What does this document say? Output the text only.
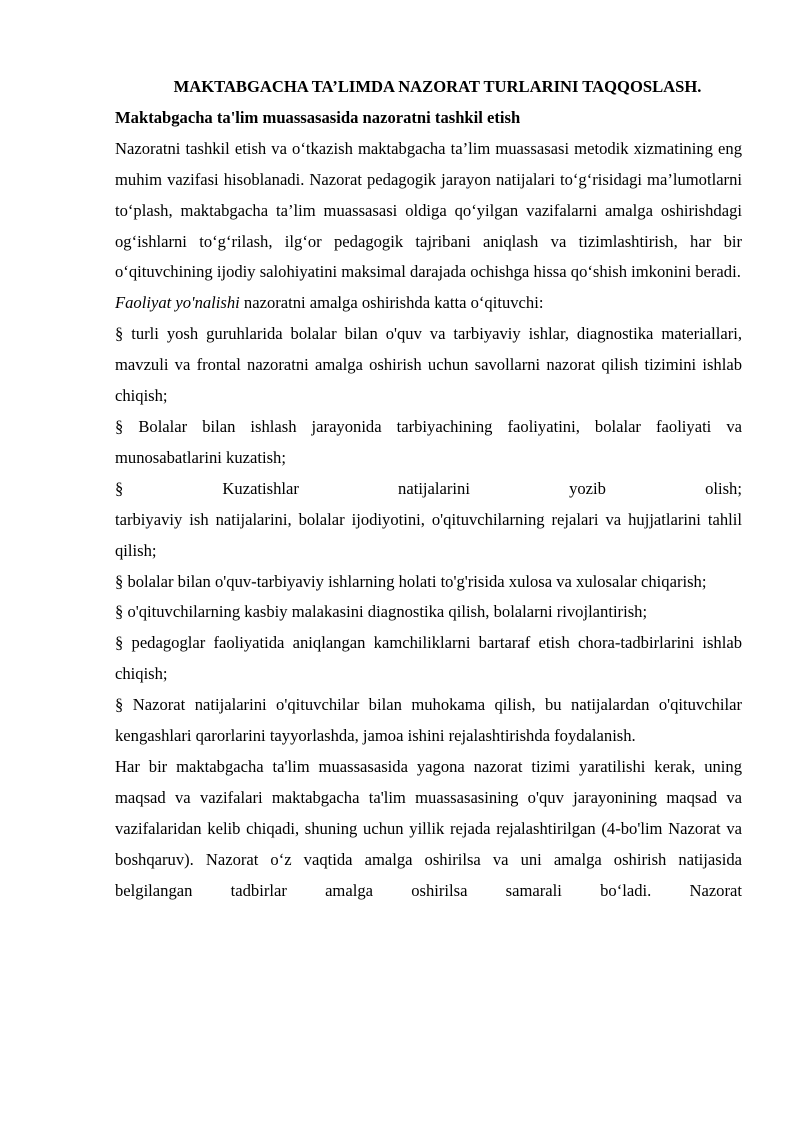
MAKTABGACHA TA’LIMDA NAZORAT TURLARINI TAQQOSLASH.

Maktabgacha ta'lim muassasasida nazoratni tashkil etish

Nazoratni tashkil etish va o‘tkazish maktabgacha ta’lim muassasasi metodik xizmatining eng muhim vazifasi hisoblanadi. Nazorat pedagogik jarayon natijalari to‘g‘risidagi ma’lumotlarni to‘plash, maktabgacha ta’lim muassasasi oldiga qo‘yilgan vazifalarni amalga oshirishdagi og‘ishlarni to‘g‘rilash, ilg‘or pedagogik tajribani aniqlash va tizimlashtirish, har bir o‘qituvchining ijodiy salohiyatini maksimal darajada ochishga hissa qo‘shish imkonini beradi.

Faoliyat yo'nalishi nazoratni amalga oshirishda katta o‘qituvchi:

§ turli yosh guruhlarida bolalar bilan o'quv va tarbiyaviy ishlar, diagnostika materiallari, mavzuli va frontal nazoratni amalga oshirish uchun savollarni nazorat qilish tizimini ishlab chiqish;

§ Bolalar bilan ishlash jarayonida tarbiyachining faoliyatini, bolalar faoliyati va munosabatlarini kuzatish;

§	Kuzatishlar	natijalarini	yozib	olish;

tarbiyaviy ish natijalarini, bolalar ijodiyotini, o'qituvchilarning rejalari va hujjatlarini tahlil qilish;

§ bolalar bilan o'quv-tarbiyaviy ishlarning holati to'g'risida xulosa va xulosalar chiqarish;

§ o'qituvchilarning kasbiy malakasini diagnostika qilish, bolalarni rivojlantirish;

§ pedagoglar faoliyatida aniqlangan kamchiliklarni bartaraf etish chora-tadbirlarini ishlab chiqish;

§ Nazorat natijalarini o'qituvchilar bilan muhokama qilish, bu natijalardan o'qituvchilar kengashlari qarorlarini tayyorlashda, jamoa ishini rejalashtirishda foydalanish.

Har bir maktabgacha ta'lim muassasasida yagona nazorat tizimi yaratilishi kerak, uning maqsad va vazifalari maktabgacha ta'lim muassasasining o'quv jarayonining maqsad va vazifalaridan kelib chiqadi, shuning uchun yillik rejada rejalashtirilgan (4-bo'lim Nazorat va boshqaruv). Nazorat o‘z vaqtida amalga oshirilsa va uni amalga oshirish natijasida belgilangan tadbirlar amalga oshirilsa samarali bo‘ladi. Nazorat
